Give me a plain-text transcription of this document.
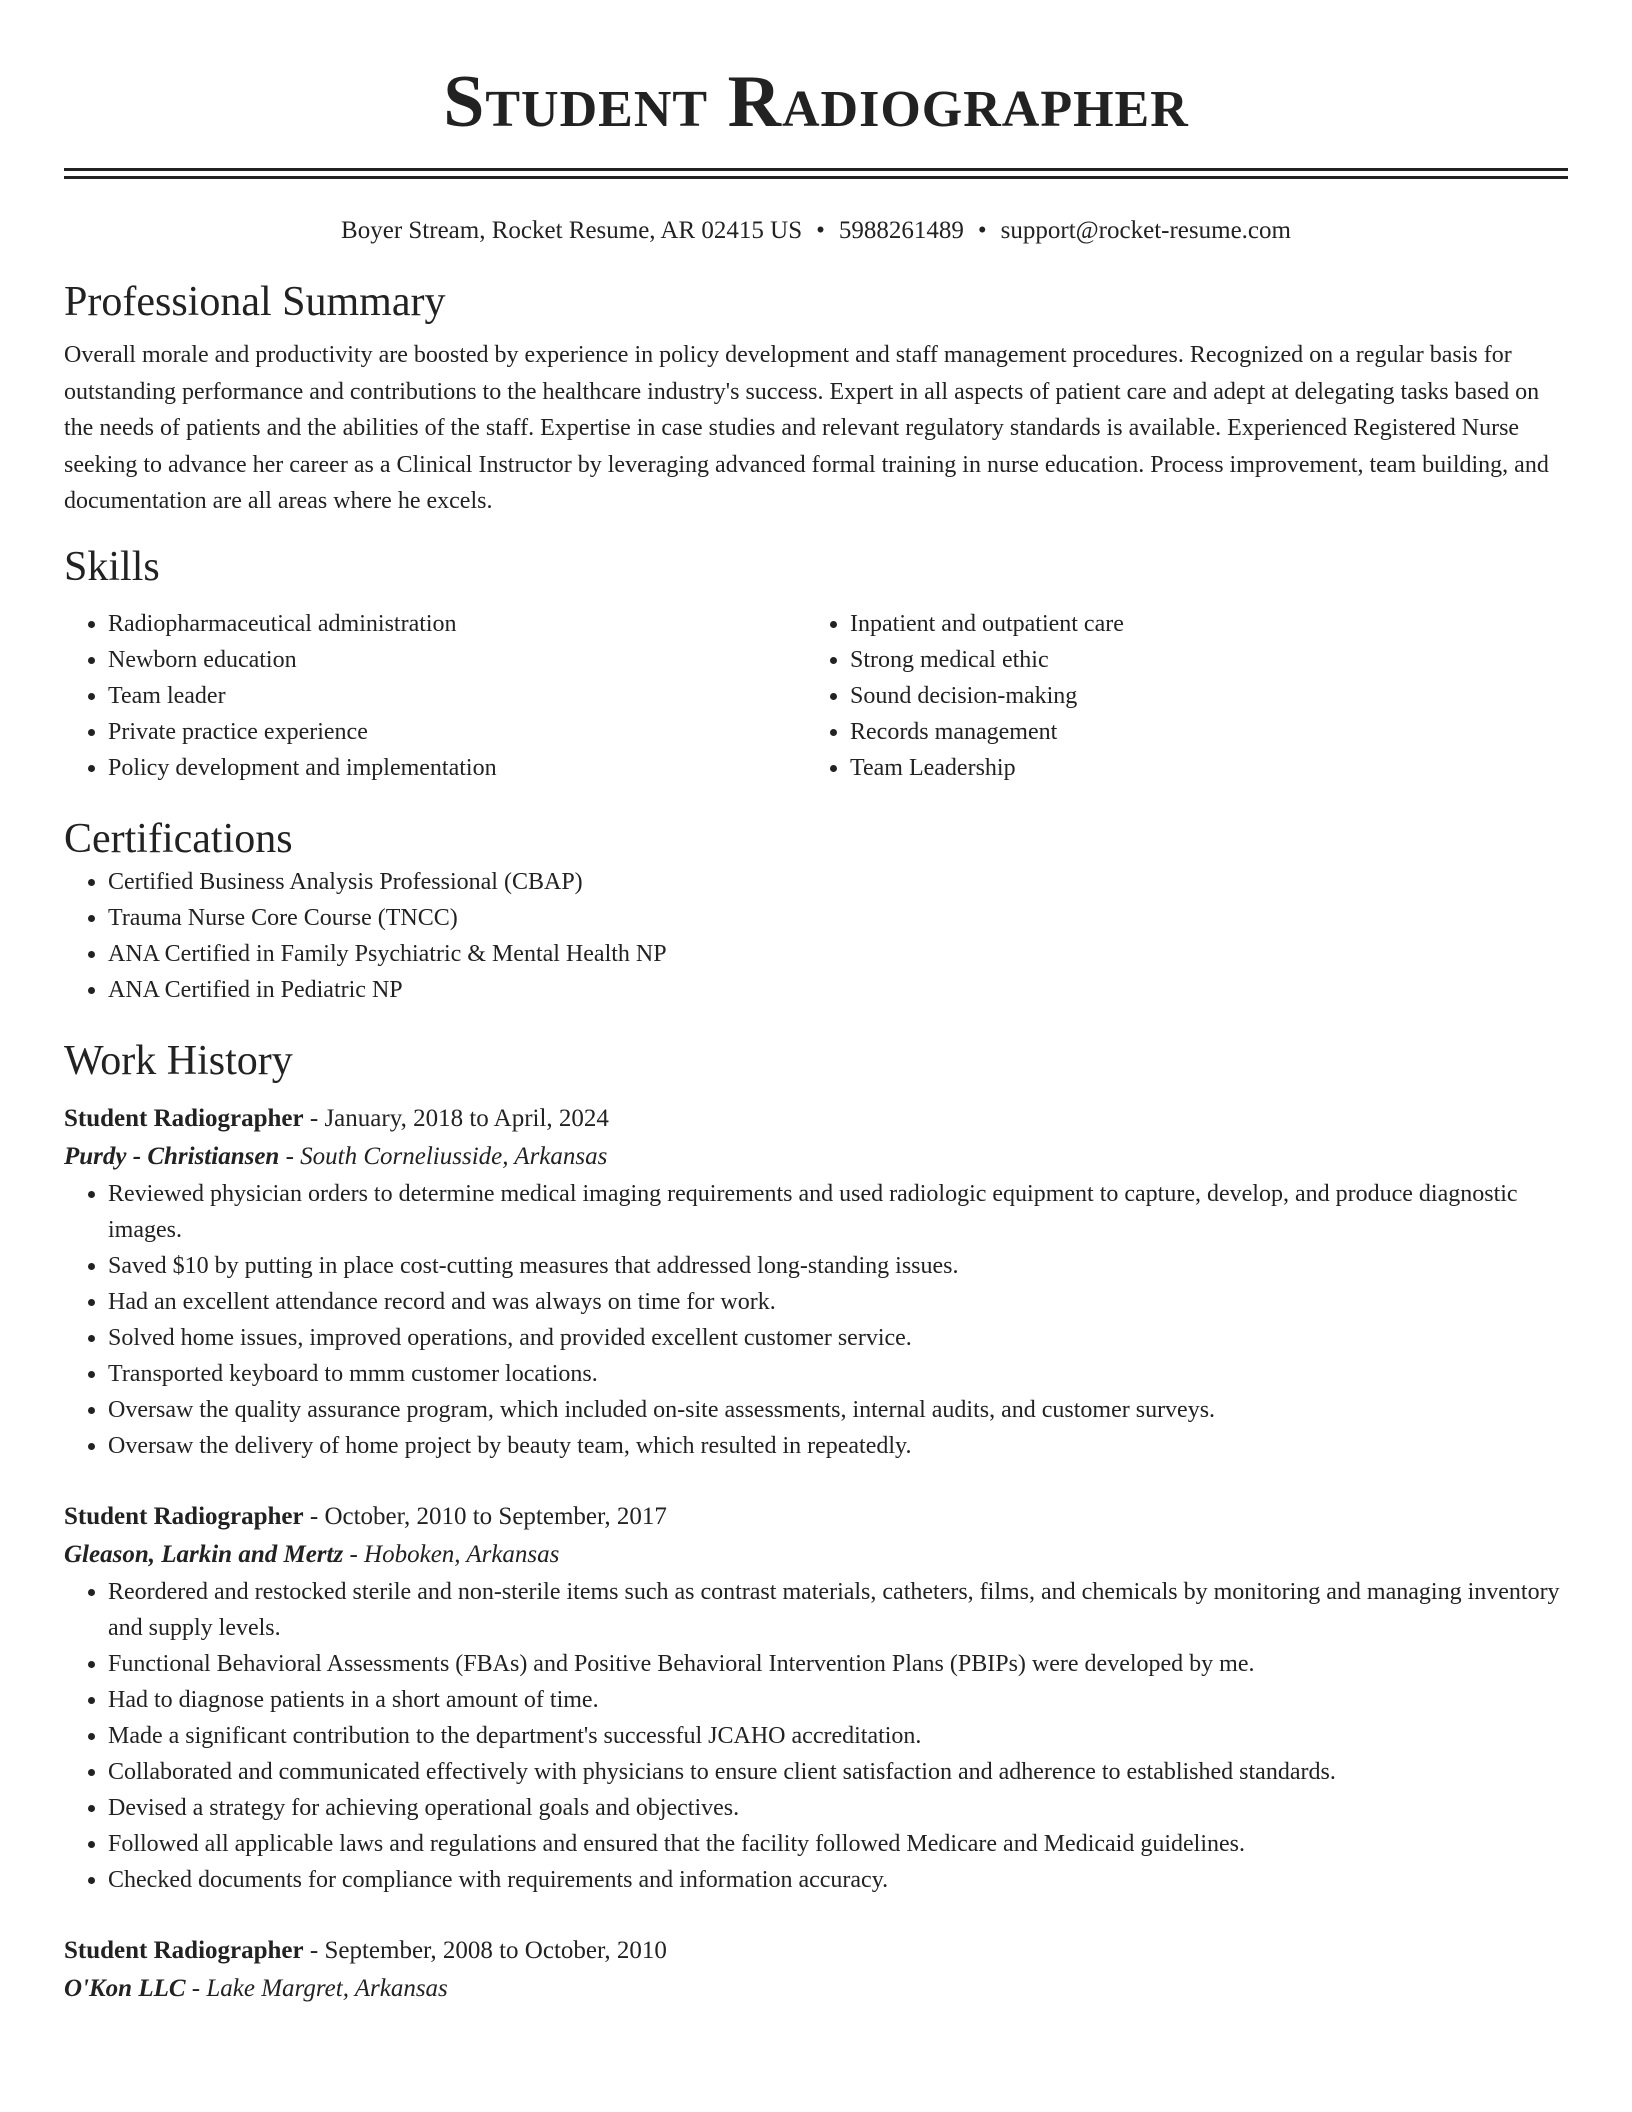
Student Radiographer
Boyer Stream, Rocket Resume, AR 02415 US • 5988261489 • support@rocket-resume.com
Professional Summary

Overall morale and productivity are boosted by experience in policy development and staff management procedures. Recognized on a regular basis for outstanding performance and contributions to the healthcare industry's success. Expert in all aspects of patient care and adept at delegating tasks based on the needs of patients and the abilities of the staff. Expertise in case studies and relevant regulatory standards is available. Experienced Registered Nurse seeking to advance her career as a Clinical Instructor by leveraging advanced formal training in nurse education. Process improvement, team building, and documentation are all areas where he excels.

Skills
• Radiopharmaceutical administration
• Newborn education
• Team leader
• Private practice experience
• Policy development and implementation
• Inpatient and outpatient care
• Strong medical ethic
• Sound decision-making
• Records management
• Team Leadership
Certifications
• Certified Business Analysis Professional (CBAP)
• Trauma Nurse Core Course (TNCC)
• ANA Certified in Family Psychiatric & Mental Health NP
• ANA Certified in Pediatric NP
Work History
Student Radiographer - January, 2018 to April, 2024
Purdy - Christiansen - South Corneliusside, Arkansas
• Reviewed physician orders to determine medical imaging requirements and used radiologic equipment to capture, develop, and produce diagnostic images.
• Saved $10 by putting in place cost-cutting measures that addressed long-standing issues.
• Had an excellent attendance record and was always on time for work.
• Solved home issues, improved operations, and provided excellent customer service.
• Transported keyboard to mmm customer locations.
• Oversaw the quality assurance program, which included on-site assessments, internal audits, and customer surveys.
• Oversaw the delivery of home project by beauty team, which resulted in repeatedly.
Student Radiographer - October, 2010 to September, 2017
Gleason, Larkin and Mertz - Hoboken, Arkansas
• Reordered and restocked sterile and non-sterile items such as contrast materials, catheters, films, and chemicals by monitoring and managing inventory and supply levels.
• Functional Behavioral Assessments (FBAs) and Positive Behavioral Intervention Plans (PBIPs) were developed by me.
• Had to diagnose patients in a short amount of time.
• Made a significant contribution to the department's successful JCAHO accreditation.
• Collaborated and communicated effectively with physicians to ensure client satisfaction and adherence to established standards.
• Devised a strategy for achieving operational goals and objectives.
• Followed all applicable laws and regulations and ensured that the facility followed Medicare and Medicaid guidelines.
• Checked documents for compliance with requirements and information accuracy.
Student Radiographer - September, 2008 to October, 2010
O'Kon LLC - Lake Margret, Arkansas
